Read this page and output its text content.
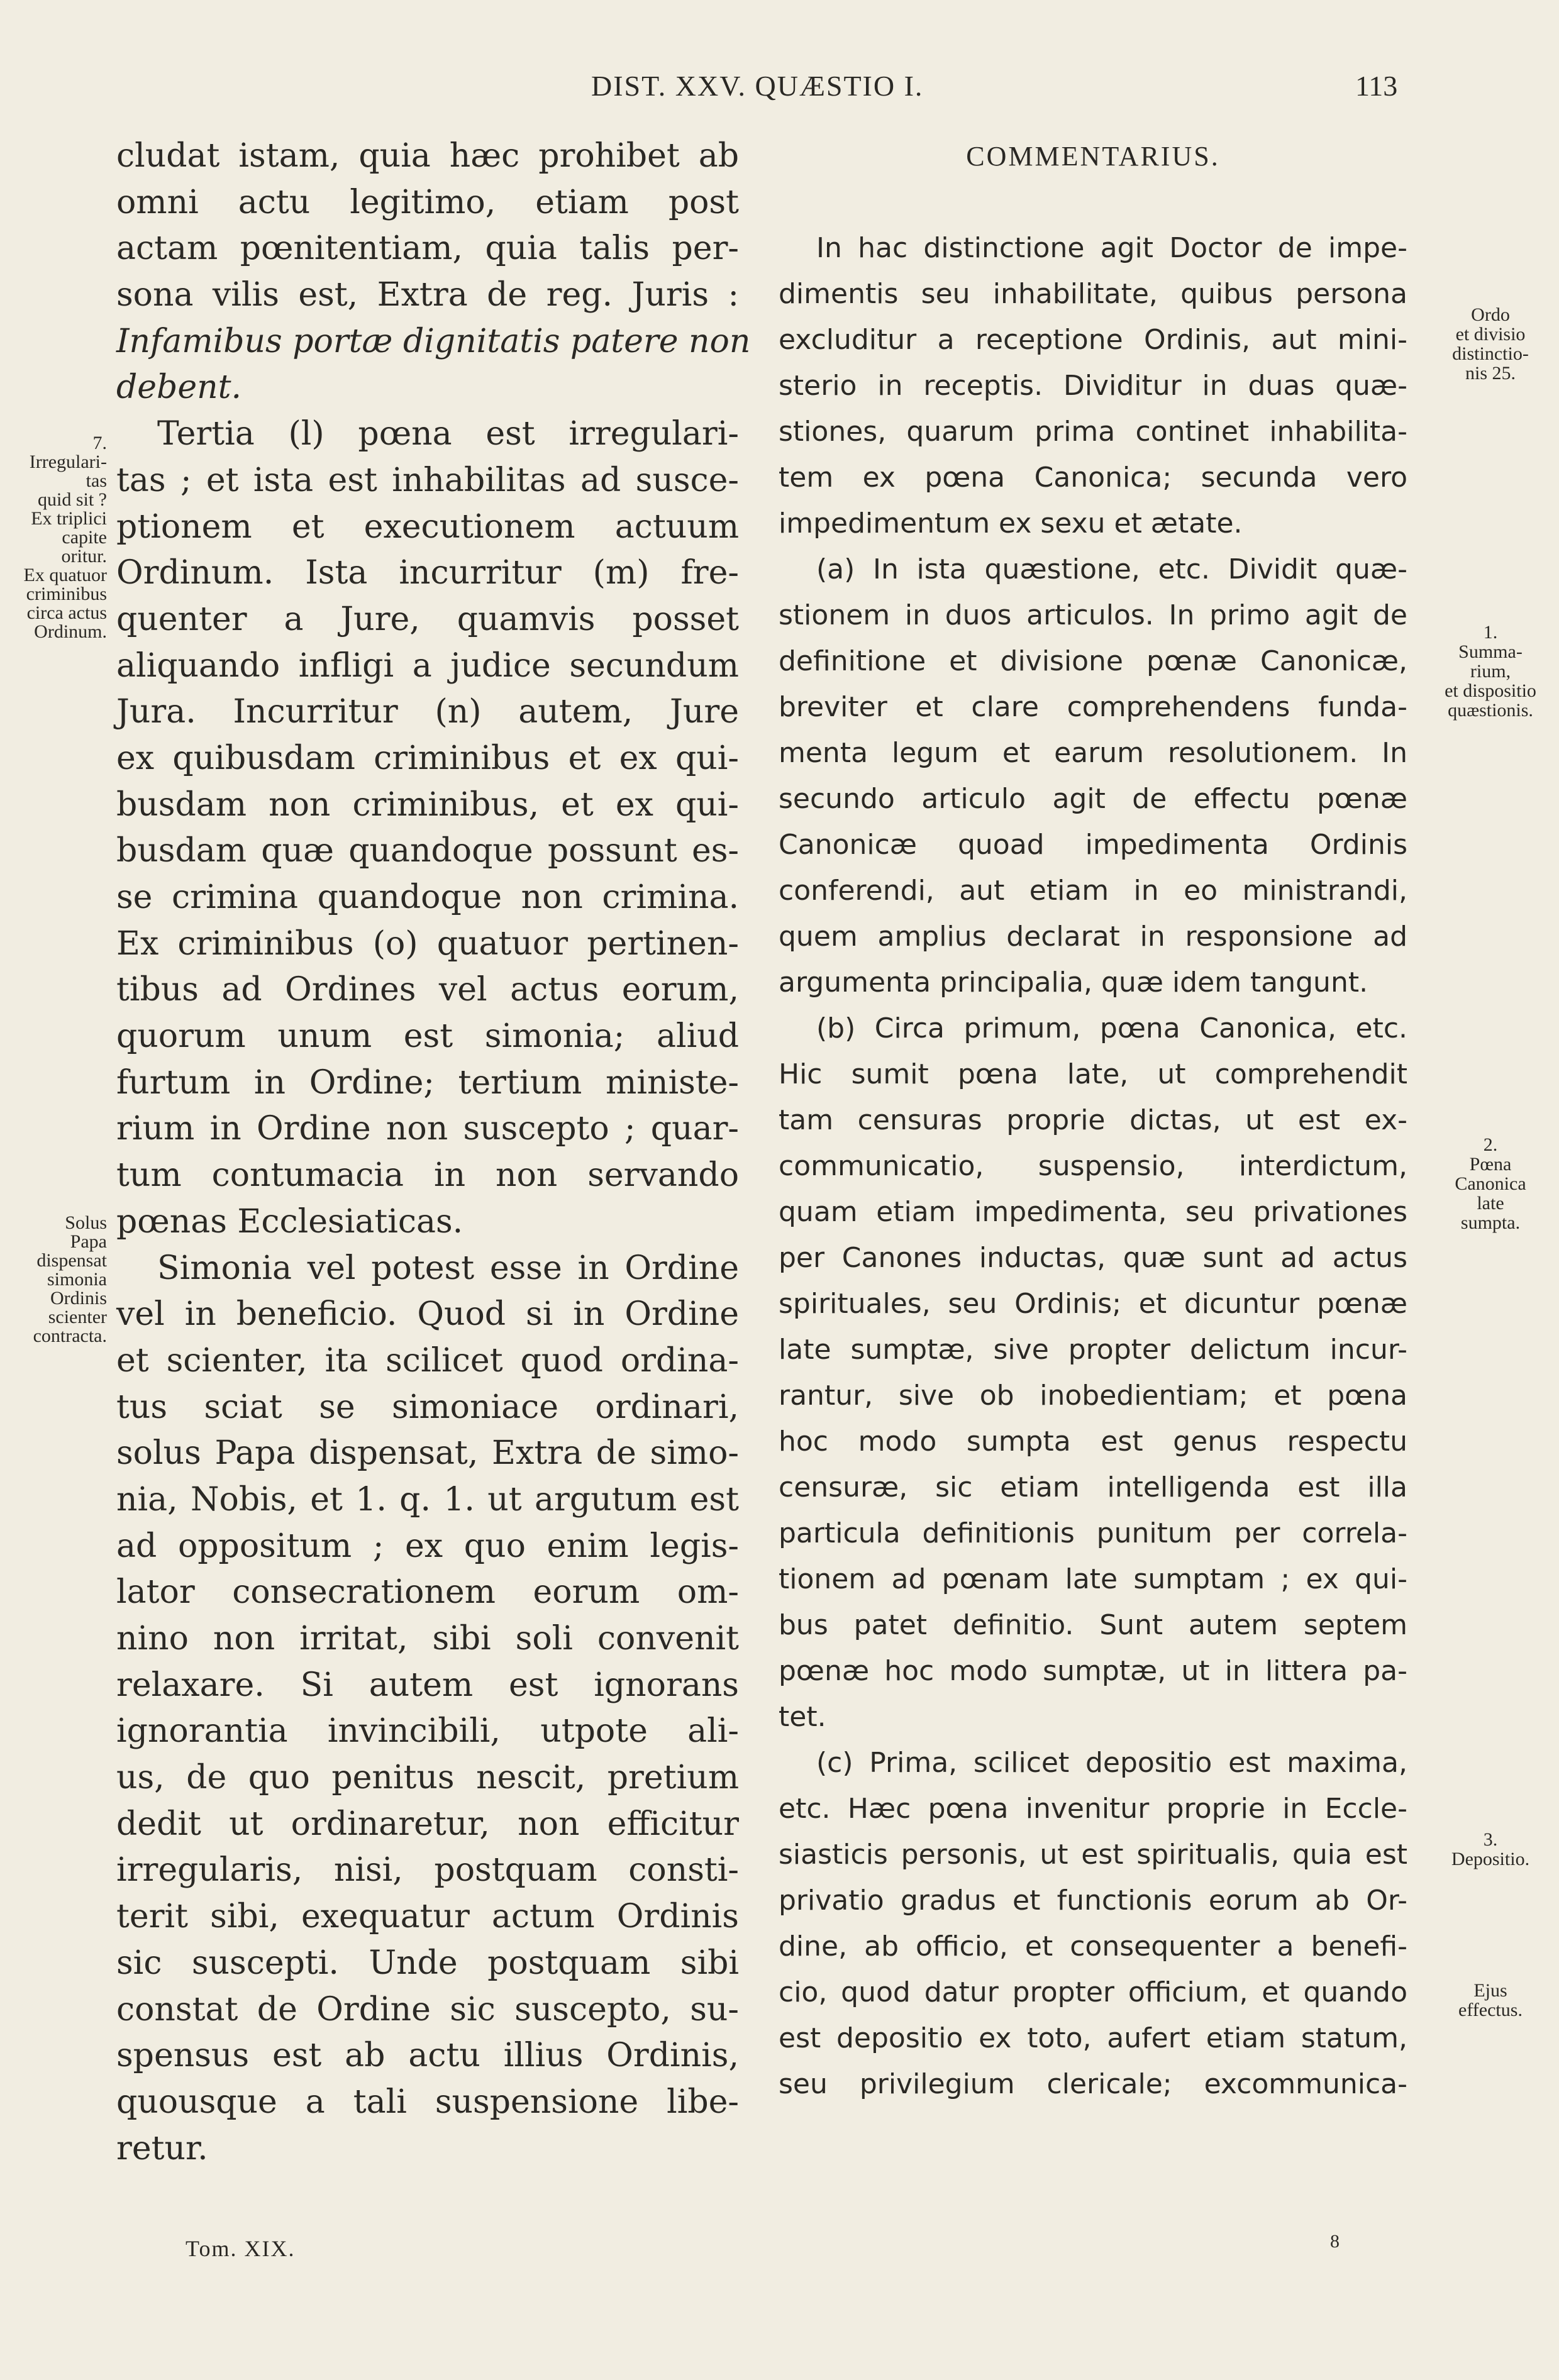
DIST. XXV. QUÆSTIO I.	113
cludat istam, quia hæc prohibet ab
omni actu legitimo, etiam post
actam pœnitentiam, quia talis per-
sona vilis est, Extra de reg. Juris :
Infamibus portæ dignitatis patere non
debent.
Tertia (l) pœna est irregulari-
tas ; et ista est inhabilitas ad susce-
ptionem et executionem actuum
Ordinum. Ista incurritur (m) fre-
quenter a Jure, quamvis posset
aliquando infligi a judice secundum
Jura. Incurritur (n) autem, Jure
ex quibusdam criminibus et ex qui-
busdam non criminibus, et ex qui-
busdam quæ quandoque possunt es-
se crimina quandoque non crimina.
Ex criminibus (o) quatuor pertinen-
tibus ad Ordines vel actus eorum,
quorum unum est simonia; aliud
furtum in Ordine; tertium ministe-
rium in Ordine non suscepto ; quar-
tum contumacia in non servando
pœnas Ecclesiaticas.
Simonia vel potest esse in Ordine
vel in beneficio. Quod si in Ordine
et scienter, ita scilicet quod ordina-
tus sciat se simoniace ordinari,
solus Papa dispensat, Extra de simo-
nia, Nobis, et 1. q. 1. ut argutum est
ad oppositum ; ex quo enim legis-
lator consecrationem eorum om-
nino non irritat, sibi soli convenit
relaxare. Si autem est ignorans
ignorantia invincibili, utpote ali-
us, de quo penitus nescit, pretium
dedit ut ordinaretur, non efficitur
irregularis, nisi, postquam consti-
terit sibi, exequatur actum Ordinis
sic suscepti. Unde postquam sibi
constat de Ordine sic suscepto, su-
spensus est ab actu illius Ordinis,
quousque a tali suspensione libe-
retur.
COMMENTARIUS.
In hac distinctione agit Doctor de impe-
dimentis seu inhabilitate, quibus persona
excluditur a receptione Ordinis, aut mini-
sterio in receptis. Dividitur in duas quæ-
stiones, quarum prima continet inhabilita-
tem ex pœna Canonica; secunda vero
impedimentum ex sexu et ætate.
(a) In ista quæstione, etc. Dividit quæ-
stionem in duos articulos. In primo agit de
definitione et divisione pœnæ Canonicæ,
breviter et clare comprehendens funda-
menta legum et earum resolutionem. In
secundo articulo agit de effectu pœnæ
Canonicæ quoad impedimenta Ordinis
conferendi, aut etiam in eo ministrandi,
quem amplius declarat in responsione ad
argumenta principalia, quæ idem tangunt.
(b) Circa primum, pœna Canonica, etc.
Hic sumit pœna late, ut comprehendit
tam censuras proprie dictas, ut est ex-
communicatio, suspensio, interdictum,
quam etiam impedimenta, seu privationes
per Canones inductas, quæ sunt ad actus
spirituales, seu Ordinis; et dicuntur pœnæ
late sumptæ, sive propter delictum incur-
rantur, sive ob inobedientiam; et pœna
hoc modo sumpta est genus respectu
censuræ, sic etiam intelligenda est illa
particula definitionis punitum per correla-
tionem ad pœnam late sumptam ; ex qui-
bus patet definitio. Sunt autem septem
pœnæ hoc modo sumptæ, ut in littera pa-
tet.
(c) Prima, scilicet depositio est maxima,
etc. Hæc pœna invenitur proprie in Eccle-
siasticis personis, ut est spiritualis, quia est
privatio gradus et functionis eorum ab Or-
dine, ab officio, et consequenter a benefi-
cio, quod datur propter officium, et quando
est depositio ex toto, aufert etiam statum,
seu privilegium clericale; excommunica-
7.
Irregulari-
tas
quid sit ?
Ex triplici
capite
oritur.
Ex quatuor
criminibus
circa actus
Ordinum.
Solus
Papa
dispensat
simonia
Ordinis
scienter
contracta.
Ordo
et divisio
distinctio-
nis 25.
1.
Summa-
rium,
et dispositio
quæstionis.
2.
Pœna
Canonica
late
sumpta.
3.
Depositio.
Ejus
effectus.
Tom. XIX.	8
